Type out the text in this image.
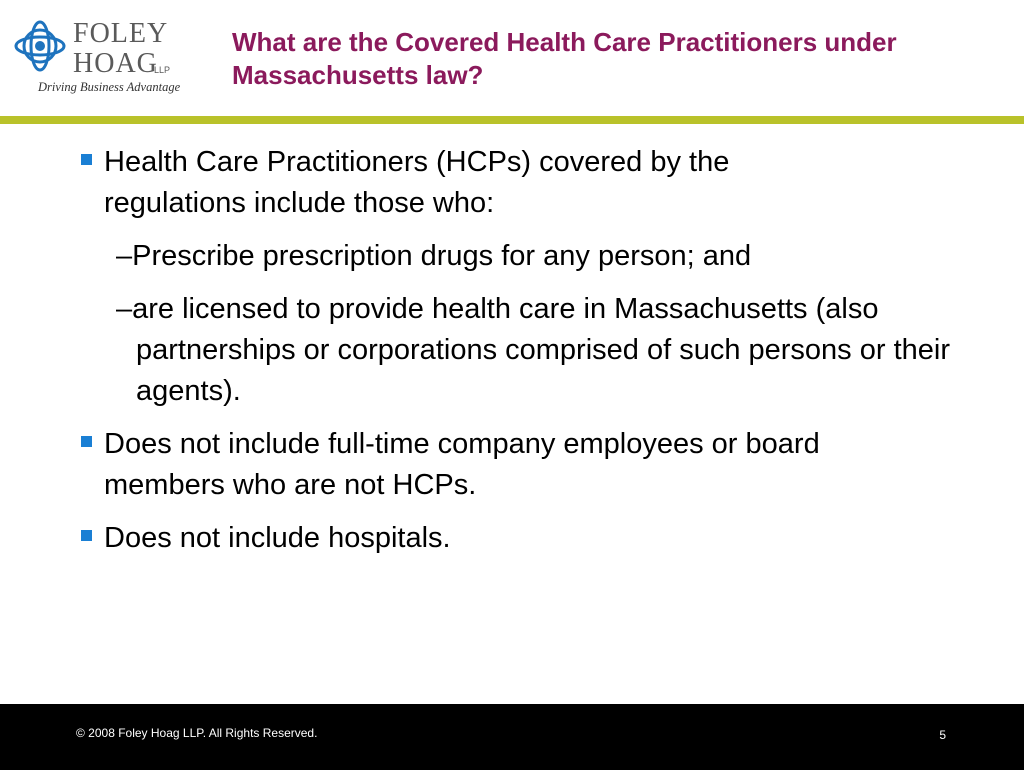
FOLEY
HOAG
LLP
Driving Business Advantage
What are the Covered Health Care Practitioners under Massachusetts law?
Health Care Practitioners (HCPs) covered by the regulations include those who:
–Prescribe prescription drugs for any person; and
–are licensed to provide health care in Massachusetts (also partnerships or corporations comprised of such persons or their agents).
Does not include full-time company employees or board members who are not HCPs.
Does not include hospitals.
© 2008 Foley Hoag LLP. All Rights Reserved.	5
